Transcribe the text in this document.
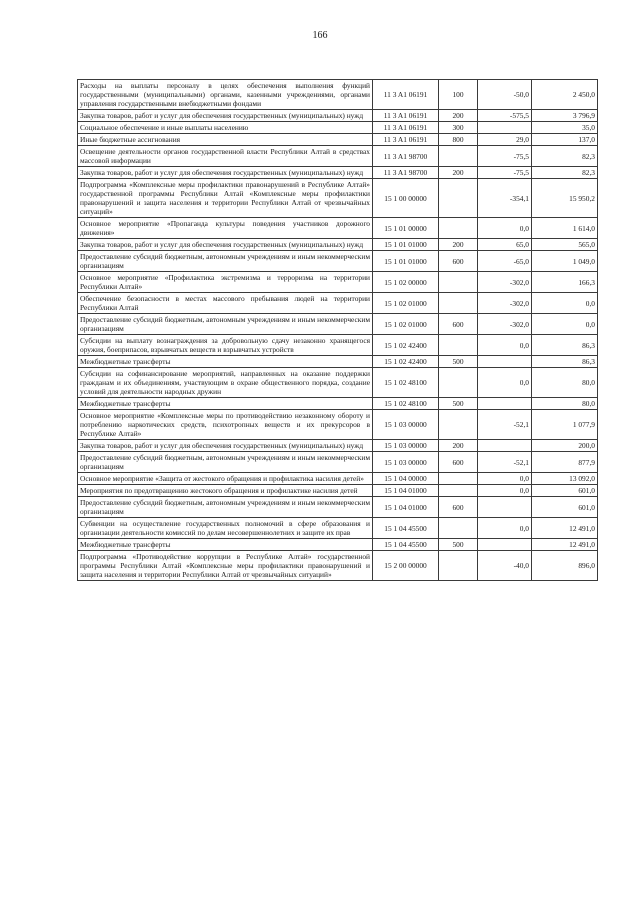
166
Расходы на выплаты персоналу в целях обеспечения выполнения функций государственными (муниципальными) органами, казенными учреждениями, органами управления государственными внебюджетными фондами	11 3 A1 06191	100	-50,0	2 450,0
Закупка товаров, работ и услуг для обеспечения государственных (муниципальных) нужд	11 3 A1 06191	200	-575,5	3 796,9
Социальное обеспечение и иные выплаты населению	11 3 A1 06191	300		35,0
Иные бюджетные ассигнования	11 3 A1 06191	800	29,0	137,0
Освещение деятельности органов государственной власти Республики Алтай в средствах массовой информации	11 3 A1 98700		-75,5	82,3
Закупка товаров, работ и услуг для обеспечения государственных (муниципальных) нужд	11 3 A1 98700	200	-75,5	82,3
Подпрограмма «Комплексные меры профилактики правонарушений в Республике Алтай» государственной программы Республики Алтай «Комплексные меры профилактики правонарушений и защита населения и территории Республики Алтай от чрезвычайных ситуаций»	15 1 00 00000		-354,1	15 950,2
Основное мероприятие «Пропаганда культуры поведения участников дорожного движения»	15 1 01 00000		0,0	1 614,0
Закупка товаров, работ и услуг для обеспечения государственных (муниципальных) нужд	15 1 01 01000	200	65,0	565,0
Предоставление субсидий бюджетным, автономным учреждениям и иным некоммерческим организациям	15 1 01 01000	600	-65,0	1 049,0
Основное мероприятие «Профилактика экстремизма и терроризма на территории Республики Алтай»	15 1 02 00000		-302,0	166,3
Обеспечение безопасности в местах массового пребывания людей на территории Республики Алтай	15 1 02 01000		-302,0	0,0
Предоставление субсидий бюджетным, автономным учреждениям и иным некоммерческим организациям	15 1 02 01000	600	-302,0	0,0
Субсидии на выплату вознаграждения за добровольную сдачу незаконно хранящегося оружия, боеприпасов, взрывчатых веществ и взрывчатых устройств	15 1 02 42400		0,0	86,3
Межбюджетные трансферты	15 1 02 42400	500		86,3
Субсидии на софинансирование мероприятий, направленных на оказание поддержки гражданам и их объединениям, участвующим в охране общественного порядка, создание условий для деятельности народных дружин	15 1 02 48100		0,0	80,0
Межбюджетные трансферты	15 1 02 48100	500		80,0
Основное мероприятие «Комплексные меры по противодействию незаконному обороту и потреблению наркотических средств, психотропных веществ и их прекурсоров в Республике Алтай»	15 1 03 00000		-52,1	1 077,9
Закупка товаров, работ и услуг для обеспечения государственных (муниципальных) нужд	15 1 03 00000	200		200,0
Предоставление субсидий бюджетным, автономным учреждениям и иным некоммерческим организациям	15 1 03 00000	600	-52,1	877,9
Основное мероприятие «Защита от жестокого обращения и профилактика насилия детей»	15 1 04 00000		0,0	13 092,0
Мероприятия по предотвращению жестокого обращения и профилактике насилия детей	15 1 04 01000		0,0	601,0
Предоставление субсидий бюджетным, автономным учреждениям и иным некоммерческим организациям	15 1 04 01000	600		601,0
Субвенции на осуществление государственных полномочий в сфере образования и организации деятельности комиссий по делам несовершеннолетних и защите их прав	15 1 04 45500		0,0	12 491,0
Межбюджетные трансферты	15 1 04 45500	500		12 491,0
Подпрограмма «Противодействие коррупции в Республике Алтай» государственной программы Республики Алтай «Комплексные меры профилактики правонарушений и защита населения и территории Республики Алтай от чрезвычайных ситуаций»	15 2 00 00000		-40,0	896,0
